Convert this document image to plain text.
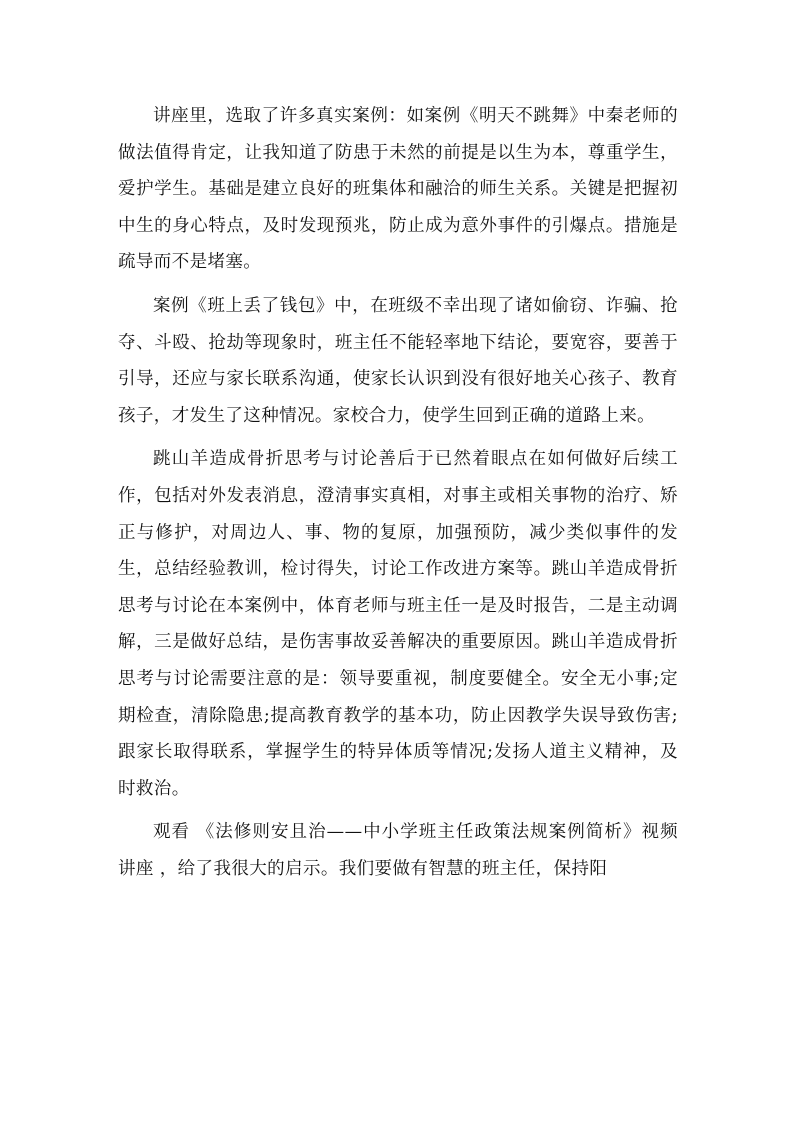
讲座里，选取了许多真实案例：如案例《明天不跳舞》中秦老师的做法值得肯定，让我知道了防患于未然的前提是以生为本，尊重学生，爱护学生。基础是建立良好的班集体和融洽的师生关系。关键是把握初中生的身心特点，及时发现预兆，防止成为意外事件的引爆点。措施是疏导而不是堵塞。

案例《班上丢了钱包》中，在班级不幸出现了诸如偷窃、诈骗、抢夺、斗殴、抢劫等现象时，班主任不能轻率地下结论，要宽容，要善于引导，还应与家长联系沟通，使家长认识到没有很好地关心孩子、教育孩子，才发生了这种情况。家校合力，使学生回到正确的道路上来。

跳山羊造成骨折思考与讨论善后于已然着眼点在如何做好后续工作，包括对外发表消息，澄清事实真相，对事主或相关事物的治疗、矫正与修护，对周边人、事、物的复原，加强预防，减少类似事件的发生，总结经验教训，检讨得失，讨论工作改进方案等。跳山羊造成骨折思考与讨论在本案例中，体育老师与班主任一是及时报告，二是主动调解，三是做好总结，是伤害事故妥善解决的重要原因。跳山羊造成骨折思考与讨论需要注意的是：领导要重视，制度要健全。安全无小事;定期检查，清除隐患;提高教育教学的基本功，防止因教学失误导致伤害;跟家长取得联系，掌握学生的特异体质等情况;发扬人道主义精神，及时救治。

观看 《法修则安且治——中小学班主任政策法规案例简析》视频讲座 ，给了我很大的启示。我们要做有智慧的班主任，保持阳
